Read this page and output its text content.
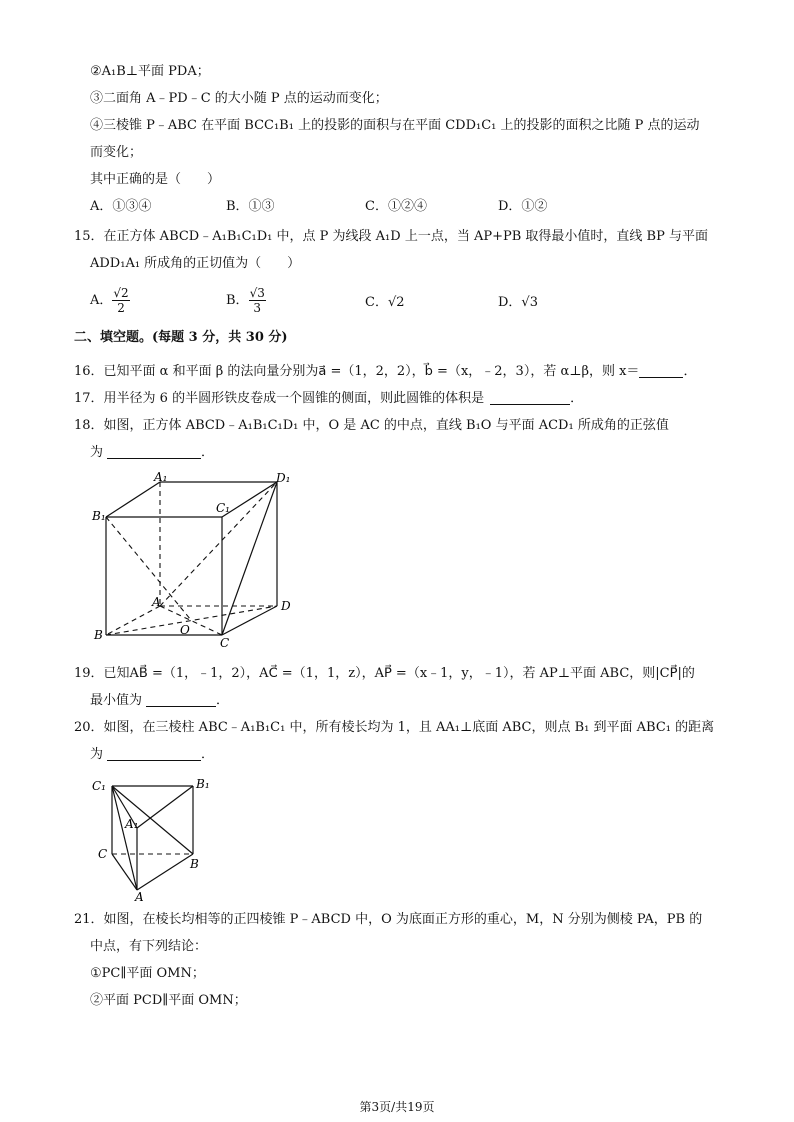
②A₁B⊥平面 PDA；
③二面角 A﹣PD﹣C 的大小随 P 点的运动而变化；
④三棱锥 P﹣ABC 在平面 BCC₁B₁ 上的投影的面积与在平面 CDD₁C₁ 上的投影的面积之比随 P 点的运动
而变化；
其中正确的是（　　）
A．①③④	B．①③	C．①②④	D．①②
15．在正方体 ABCD﹣A₁B₁C₁D₁ 中，点 P 为线段 A₁D 上一点，当 AP+PB 取得最小值时，直线 BP 与平面
ADD₁A₁ 所成角的正切值为（　　）
A． $\frac{√2}{2}$	B． $\frac{√3}{3}$	C．√2	D．√3
二、填空题。(每题 3 分，共 30 分)
16．已知平面 α 和平面 β 的法向量分别为a⃗ =（1，2，2），b⃗ =（x，﹣2，3），若 α⊥β，则 x＝	．
17．用半径为 6 的半圆形铁皮卷成一个圆锥的侧面，则此圆锥的体积是	．
18．如图，正方体 ABCD﹣A₁B₁C₁D₁ 中，O 是 AC 的中点，直线 B₁O 与平面 ACD₁ 所成角的正弦值
为	．
A₁	D₁
B₁
C₁
A	D
B
C
O
19．已知AB⃗ =（1，﹣1，2），AC⃗ =（1，1，z），AP⃗ =（x﹣1，y，﹣1），若 AP⊥平面 ABC，则|CP⃗|的
最小值为	．
20．如图，在三棱柱 ABC﹣A₁B₁C₁ 中，所有棱长均为 1，且 AA₁⊥底面 ABC，则点 B₁ 到平面 ABC₁ 的距离
为	．
C₁	B₁
A₁
C
B
A
21．如图，在棱长均相等的正四棱锥 P﹣ABCD 中，O 为底面正方形的重心，M，N 分别为侧棱 PA，PB 的
中点，有下列结论：
①PC∥平面 OMN；
②平面 PCD∥平面 OMN；
第3页/共19页
